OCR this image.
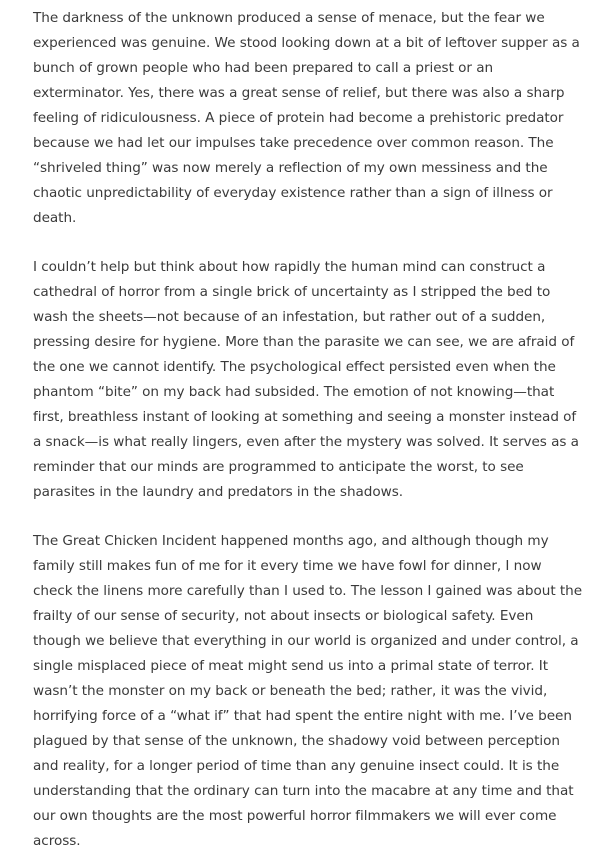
The darkness of the unknown produced a sense of menace, but the fear we experienced was genuine. We stood looking down at a bit of leftover supper as a bunch of grown people who had been prepared to call a priest or an exterminator. Yes, there was a great sense of relief, but there was also a sharp feeling of ridiculousness. A piece of protein had become a prehistoric predator because we had let our impulses take precedence over common reason. The “shriveled thing” was now merely a reflection of my own messiness and the chaotic unpredictability of everyday existence rather than a sign of illness or death.

I couldn’t help but think about how rapidly the human mind can construct a cathedral of horror from a single brick of uncertainty as I stripped the bed to wash the sheets—not because of an infestation, but rather out of a sudden, pressing desire for hygiene. More than the parasite we can see, we are afraid of the one we cannot identify. The psychological effect persisted even when the phantom “bite” on my back had subsided. The emotion of not knowing—that first, breathless instant of looking at something and seeing a monster instead of a snack—is what really lingers, even after the mystery was solved. It serves as a reminder that our minds are programmed to anticipate the worst, to see parasites in the laundry and predators in the shadows.

The Great Chicken Incident happened months ago, and although though my family still makes fun of me for it every time we have fowl for dinner, I now check the linens more carefully than I used to. The lesson I gained was about the frailty of our sense of security, not about insects or biological safety. Even though we believe that everything in our world is organized and under control, a single misplaced piece of meat might send us into a primal state of terror. It wasn’t the monster on my back or beneath the bed; rather, it was the vivid, horrifying force of a “what if” that had spent the entire night with me. I’ve been plagued by that sense of the unknown, the shadowy void between perception and reality, for a longer period of time than any genuine insect could. It is the understanding that the ordinary can turn into the macabre at any time and that our own thoughts are the most powerful horror filmmakers we will ever come across.
